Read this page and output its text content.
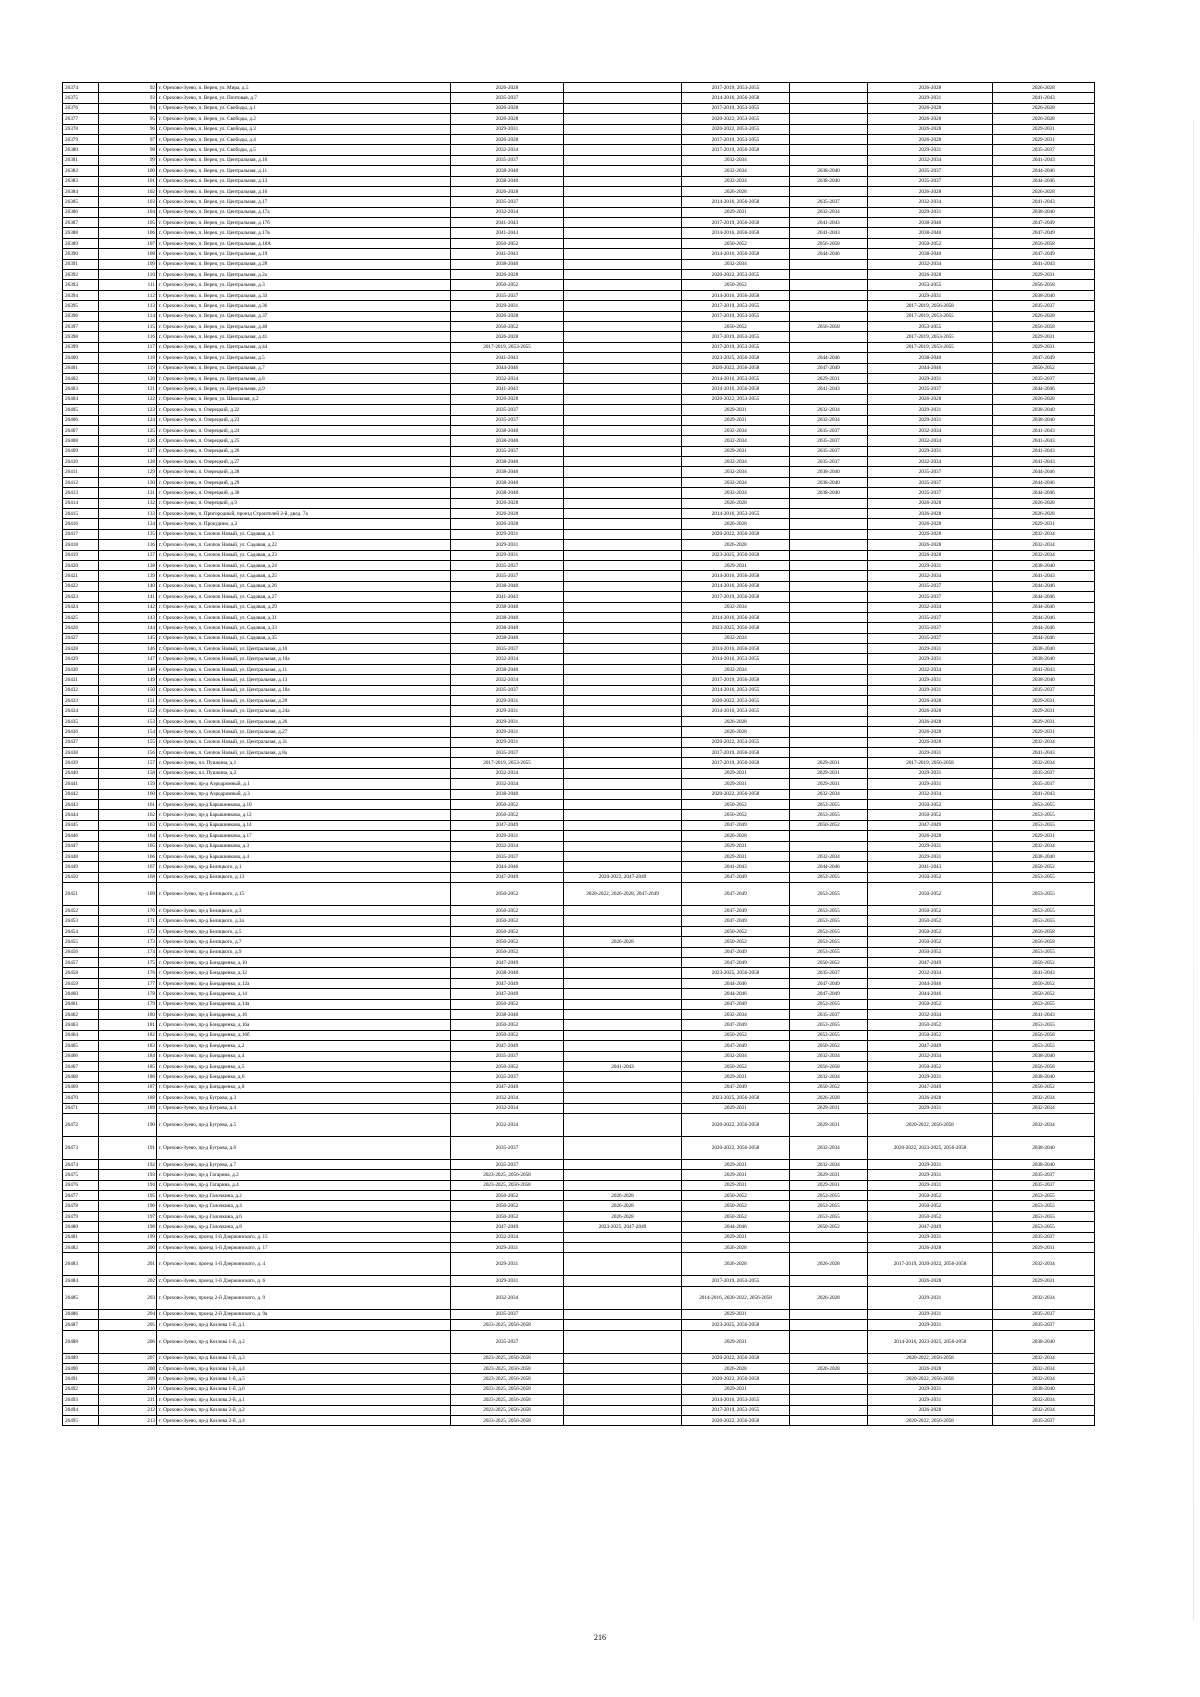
26374	92	г. Орехово-Зуево, п. Верея, ул. Мира, д.5	2026-2028		2017-2019, 2053-2055		2026-2028	2026-2028
26375	93	г. Орехово-Зуево, п. Верея, ул. Почтовая, д.7	2035-2037		2014-2016, 2056-2058		2029-2031	2041-2043
26376	94	г. Орехово-Зуево, п. Верея, ул. Свободы, д.1	2026-2028		2017-2019, 2053-2055		2026-2028	2026-2028
26377	95	г. Орехово-Зуево, п. Верея, ул. Свободы, д.2	2026-2028		2020-2022, 2053-2055		2026-2028	2026-2028
26378	96	г. Орехово-Зуево, п. Верея, ул. Свободы, д.3	2029-2031		2020-2022, 2053-2055		2026-2028	2029-2031
26379	97	г. Орехово-Зуево, п. Верея, ул. Свободы, д.4	2026-2028		2017-2019, 2053-2055		2026-2028	2029-2031
26380	98	г. Орехово-Зуево, п. Верея, ул. Свободы, д.5	2032-2034		2017-2019, 2056-2058		2029-2031	2035-2037
26381	99	г. Орехово-Зуево, п. Верея, ул. Центральная, д.10	2035-2037		2032-2034		2032-2034	2041-2043
26382	100	г. Орехово-Зуево, п. Верея, ул. Центральная, д.11	2038-2040		2032-2034	2038-2040	2035-2037	2044-2046
26383	101	г. Орехово-Зуево, п. Верея, ул. Центральная, д.13	2038-2040		2032-2034	2038-2040	2035-2037	2044-2046
26384	102	г. Орехово-Зуево, п. Верея, ул. Центральная, д.16	2026-2028		2026-2028		2026-2028	2026-2028
26385	103	г. Орехово-Зуево, п. Верея, ул. Центральная, д.17	2035-2037		2014-2016, 2056-2058	2035-2037	2032-2034	2041-2043
26386	104	г. Орехово-Зуево, п. Верея, ул. Центральная, д.17а	2032-2034		2029-2031	2032-2034	2029-2031	2038-2040
26387	105	г. Орехово-Зуево, п. Верея, ул. Центральная, д.17б	2041-2043		2017-2019, 2056-2058	2041-2043	2038-2040	2047-2049
26388	106	г. Орехово-Зуево, п. Верея, ул. Центральная, д.17в	2041-2043		2014-2016, 2056-2058	2041-2043	2038-2040	2047-2049
26389	107	г. Орехово-Зуево, п. Верея, ул. Центральная, д.18А	2050-2052		2050-2052	2056-2058	2050-2052	2056-2058
26390	108	г. Орехово-Зуево, п. Верея, ул. Центральная, д.19	2041-2043		2014-2016, 2056-2058	2044-2046	2038-2040	2047-2049
26391	109	г. Орехово-Зуево, п. Верея, ул. Центральная, д.28	2038-2040		2032-2034		2032-2034	2041-2043
26392	110	г. Орехово-Зуево, п. Верея, ул. Центральная, д.2а	2026-2028		2020-2022, 2053-2055		2026-2028	2029-2031
26393	111	г. Орехово-Зуево, п. Верея, ул. Центральная, д.3	2050-2052		2050-2052		2053-2055	2056-2058
26394	112	г. Орехово-Зуево, п. Верея, ул. Центральная, д.33	2035-2037		2014-2016, 2056-2058		2029-2031	2038-2040
26395	113	г. Орехово-Зуево, п. Верея, ул. Центральная, д.36	2029-2031		2017-2019, 2053-2055		2017-2019, 2056-2058	2035-2037
26396	114	г. Орехово-Зуево, п. Верея, ул. Центральная, д.37	2026-2028		2017-2019, 2053-2055		2017-2019, 2053-2055	2026-2028
26397	115	г. Орехово-Зуево, п. Верея, ул. Центральная, д.40	2050-2052		2050-2052	2056-2058	2053-2055	2056-2058
26398	116	г. Орехово-Зуево, п. Верея, ул. Центральная, д.41	2026-2028		2017-2019, 2053-2055		2017-2019, 2053-2055	2029-2031
26399	117	г. Орехово-Зуево, п. Верея, ул. Центральная, д.44	2017-2019, 2053-2055		2017-2019, 2053-2055		2017-2019, 2053-2055	2029-2031
26400	118	г. Орехово-Зуево, п. Верея, ул. Центральная, д.5	2041-2043		2023-2025, 2056-2058	2044-2046	2038-2040	2047-2049
26401	119	г. Орехово-Зуево, п. Верея, ул. Центральная, д.7	2044-2046		2020-2022, 2056-2058	2047-2049	2044-2046	2050-2052
26402	120	г. Орехово-Зуево, п. Верея, ул. Центральная, д.8	2032-2034		2014-2016, 2053-2055	2029-2031	2029-2031	2035-2037
26403	121	г. Орехово-Зуево, п. Верея, ул. Центральная, д.9	2041-2043		2014-2016, 2056-2058	2041-2043	2035-2037	2044-2046
26404	122	г. Орехово-Зуево, п. Верея, ул. Школьная, д.2	2026-2028		2020-2022, 2053-2055		2026-2028	2026-2028
26405	123	г. Орехово-Зуево, п. Озерецкий, д.22	2035-2037		2029-2031	2032-2034	2029-2031	2038-2040
26406	124	г. Орехово-Зуево, п. Озерецкий, д.23	2035-2037		2029-2031	2032-2034	2029-2031	2038-2040
26407	125	г. Орехово-Зуево, п. Озерецкий, д.24	2038-2040		2032-2034	2035-2037	2032-2034	2041-2043
26408	126	г. Орехово-Зуево, п. Озерецкий, д.25	2038-2040		2032-2034	2035-2037	2032-2034	2041-2043
26409	127	г. Орехово-Зуево, п. Озерецкий, д.26	2035-2037		2029-2031	2035-2037	2029-2031	2041-2043
26410	128	г. Орехово-Зуево, п. Озерецкий, д.27	2038-2040		2032-2034	2035-2037	2032-2034	2041-2043
26411	129	г. Орехово-Зуево, п. Озерецкий, д.28	2038-2040		2032-2034	2038-2040	2035-2037	2044-2046
26412	130	г. Орехово-Зуево, п. Озерецкий, д.29	2038-2040		2032-2034	2038-2040	2035-2037	2044-2046
26413	131	г. Орехово-Зуево, п. Озерецкий, д.30	2038-2040		2032-2034	2038-2040	2035-2037	2044-2046
26414	132	г. Орехово-Зуево, п. Озерецкий, д.9	2026-2028		2026-2028		2026-2028	2026-2028
26415	133	г. Орехово-Зуево, п. Пригородный, проезд Строителей 2-й, двлд. 7а	2026-2028		2014-2016, 2053-2055		2026-2028	2026-2028
26416	134	г. Орехово-Зуево, п. Прокудино, д.2	2026-2028		2026-2028		2026-2028	2029-2031
26417	135	г. Орехово-Зуево, п. Снопок Новый, ул. Садовая, д.1	2029-2031		2020-2022, 2056-2058		2026-2028	2032-2034
26418	136	г. Орехово-Зуево, п. Снопок Новый, ул. Садовая, д.22	2029-2031		2026-2028		2026-2028	2032-2034
26419	137	г. Орехово-Зуево, п. Снопок Новый, ул. Садовая, д.23	2029-2031		2023-2025, 2056-2058		2026-2028	2032-2034
26420	138	г. Орехово-Зуево, п. Снопок Новый, ул. Садовая, д.24	2035-2037		2029-2031		2029-2031	2038-2040
26421	139	г. Орехово-Зуево, п. Снопок Новый, ул. Садовая, д.25	2035-2037		2014-2016, 2056-2058		2032-2034	2041-2043
26422	140	г. Орехово-Зуево, п. Снопок Новый, ул. Садовая, д.26	2038-2040		2014-2016, 2056-2058		2035-2037	2044-2046
26423	141	г. Орехово-Зуево, п. Снопок Новый, ул. Садовая, д.27	2041-2043		2017-2019, 2056-2058		2035-2037	2044-2046
26424	142	г. Орехово-Зуево, п. Снопок Новый, ул. Садовая, д.29	2038-2040		2032-2034		2032-2034	2044-2046
26425	143	г. Орехово-Зуево, п. Снопок Новый, ул. Садовая, д.31	2038-2040		2014-2016, 2056-2058		2035-2037	2044-2046
26426	144	г. Орехово-Зуево, п. Снопок Новый, ул. Садовая, д.33	2038-2040		2023-2025, 2056-2058		2035-2037	2044-2046
26427	145	г. Орехово-Зуево, п. Снопок Новый, ул. Садовая, д.35	2038-2040		2032-2034		2035-2037	2044-2046
26428	146	г. Орехово-Зуево, п. Снопок Новый, ул. Центральная, д.10	2035-2037		2014-2016, 2056-2058		2029-2031	2038-2040
26429	147	г. Орехово-Зуево, п. Снопок Новый, ул. Центральная, д.10а	2032-2034		2014-2016, 2053-2055		2029-2031	2038-2040
26430	148	г. Орехово-Зуево, п. Снопок Новый, ул. Центральная, д.11	2038-2040		2032-2034		2032-2034	2041-2043
26431	149	г. Орехово-Зуево, п. Снопок Новый, ул. Центральная, д.13	2032-2034		2017-2019, 2056-2058		2029-2031	2038-2040
26432	150	г. Орехово-Зуево, п. Снопок Новый, ул. Центральная, д.18а	2035-2037		2014-2016, 2053-2055		2029-2031	2035-2037
26433	151	г. Орехово-Зуево, п. Снопок Новый, ул. Центральная, д.20	2029-2031		2020-2022, 2053-2055		2026-2028	2029-2031
26434	152	г. Орехово-Зуево, п. Снопок Новый, ул. Центральная, д.24а	2029-2031		2014-2016, 2053-2055		2026-2028	2029-2031
26435	153	г. Орехово-Зуево, п. Снопок Новый, ул. Центральная, д.26	2029-2031		2026-2028		2026-2028	2029-2031
26436	154	г. Орехово-Зуево, п. Снопок Новый, ул. Центральная, д.27	2029-2031		2026-2028		2026-2028	2029-2031
26437	155	г. Орехово-Зуево, п. Снопок Новый, ул. Центральная, д.31	2029-2031		2020-2022, 2053-2055		2026-2028	2032-2034
26438	156	г. Орехово-Зуево, п. Снопок Новый, ул. Центральная, д.8а	2035-2037		2017-2019, 2056-2058		2029-2031	2041-2043
26439	157	г. Орехово-Зуево, пл. Пушкина, д.1	2017-2019, 2053-2055		2017-2019, 2056-2058	2029-2031	2017-2019, 2056-2058	2032-2034
26440	158	г. Орехово-Зуево, пл. Пушкина, д.2	2032-2034		2029-2031	2029-2031	2029-2031	2035-2037
26441	159	г. Орехово-Зуево, пр-д Аэродромный, д.1	2032-2034		2029-2031	2029-2031	2029-2031	2035-2037
26442	160	г. Орехово-Зуево, пр-д Аэродромный, д.3	2038-2040		2020-2022, 2056-2058	2032-2034	2032-2034	2041-2043
26443	161	г. Орехово-Зуево, пр-д Барышникова, д.10	2050-2052		2050-2052	2053-2055	2050-2052	2053-2055
26444	162	г. Орехово-Зуево, пр-д Барышникова, д.12	2050-2052		2050-2052	2053-2055	2050-2052	2053-2055
26445	163	г. Орехово-Зуево, пр-д Барышникова, д.14	2047-2049		2047-2049	2050-2052	2047-2049	2053-2055
26446	164	г. Орехово-Зуево, пр-д Барышникова, д.17	2029-2031		2026-2028		2026-2028	2029-2031
26447	165	г. Орехово-Зуево, пр-д Барышникова, д.3	2032-2034		2029-2031		2029-2031	2032-2034
26448	166	г. Орехово-Зуево, пр-д Барышникова, д.4	2035-2037		2029-2031	2032-2034	2029-2031	2038-2040
26449	167	г. Орехово-Зуево, пр-д Белицкого, д.1	2044-2046		2041-2043	2044-2046	2041-2043	2050-2052
26450	168	г. Орехово-Зуево, пр-д Белицкого, д.13	2047-2049	2020-2022, 2047-2049	2047-2049	2053-2055	2050-2052	2053-2055
26451	169	г. Орехово-Зуево, пр-д Белицкого, д.15	2050-2052	2020-2022, 2026-2028, 2047-2049	2047-2049	2053-2055	2050-2052	2053-2055
26452	170	г. Орехово-Зуево, пр-д Белицкого, д.3	2050-2052		2047-2049	2053-2055	2050-2052	2053-2055
26453	171	г. Орехово-Зуево, пр-д Белицкого, д.3а	2050-2052		2047-2049	2053-2055	2050-2052	2053-2055
26454	172	г. Орехово-Зуево, пр-д Белицкого, д.5	2050-2052		2050-2052	2053-2055	2050-2052	2056-2058
26455	173	г. Орехово-Зуево, пр-д Белицкого, д.7	2050-2052	2026-2028	2050-2052	2053-2055	2050-2052	2056-2058
26456	174	г. Орехово-Зуево, пр-д Белицкого, д.9	2050-2052		2047-2049	2053-2055	2050-2052	2053-2055
26457	175	г. Орехово-Зуево, пр-д Бондаренко, д.10	2047-2049		2047-2049	2050-2052	2047-2049	2050-2052
26458	176	г. Орехово-Зуево, пр-д Бондаренко, д.12	2038-2040		2023-2025, 2056-2058	2035-2037	2032-2034	2041-2043
26459	177	г. Орехово-Зуево, пр-д Бондаренко, д.12а	2047-2049		2044-2046	2047-2049	2044-2046	2050-2052
26460	178	г. Орехово-Зуево, пр-д Бондаренко, д.14	2047-2049		2044-2046	2047-2049	2044-2046	2050-2052
26461	179	г. Орехово-Зуево, пр-д Бондаренко, д.14а	2050-2052		2047-2049	2053-2055	2050-2052	2053-2055
26462	180	г. Орехово-Зуево, пр-д Бондаренко, д.16	2038-2040		2032-2034	2035-2037	2032-2034	2041-2043
26463	181	г. Орехово-Зуево, пр-д Бондаренко, д.16а	2050-2052		2047-2049	2053-2055	2050-2052	2053-2055
26464	182	г. Орехово-Зуево, пр-д Бондаренко, д.16б	2050-2052		2050-2052	2053-2055	2050-2052	2056-2058
26465	183	г. Орехово-Зуево, пр-д Бондаренко, д.2	2047-2049		2047-2049	2050-2052	2047-2049	2053-2055
26466	184	г. Орехово-Зуево, пр-д Бондаренко, д.4	2035-2037		2032-2034	2032-2034	2032-2034	2038-2040
26467	185	г. Орехово-Зуево, пр-д Бондаренко, д.5	2050-2052	2041-2043	2050-2052	2056-2058	2050-2052	2056-2058
26468	186	г. Орехово-Зуево, пр-д Бондаренко, д.6	2035-2037		2029-2031	2032-2034	2029-2031	2038-2040
26469	187	г. Орехово-Зуево, пр-д Бондаренко, д.8	2047-2049		2047-2049	2050-2052	2047-2049	2050-2052
26470	188	г. Орехово-Зуево, пр-д Бугрова, д.3	2032-2034		2023-2025, 2056-2058	2026-2028	2026-2028	2032-2034
26471	189	г. Орехово-Зуево, пр-д Бугрова, д.4	2032-2034		2029-2031	2029-2031	2029-2031	2032-2034
26472	190	г. Орехово-Зуево, пр-д Бугрова, д.5	2032-2034		2020-2022, 2056-2058	2029-2031	2020-2022, 2056-2058	2032-2034
26473	191	г. Орехово-Зуево, пр-д Бугрова, д.6	2035-2037		2020-2022, 2056-2058	2032-2034	2020-2022, 2023-2025, 2056-2058	2038-2040
26474	192	г. Орехово-Зуево, пр-д Бугрова, д.7	2035-2037		2029-2031	2032-2034	2029-2031	2038-2040
26475	193	г. Орехово-Зуево, пр-д Гагарина, д.2	2023-2025, 2056-2058		2029-2031	2029-2031	2029-2031	2035-2037
26476	194	г. Орехово-Зуево, пр-д Гагарина, д.4	2023-2025, 2056-2058		2029-2031	2029-2031	2029-2031	2035-2037
26477	195	г. Орехово-Зуево, пр-д Галочкина, д.2	2050-2052	2026-2028	2050-2052	2053-2055	2050-2052	2053-2055
26478	196	г. Орехово-Зуево, пр-д Галочкина, д.4	2050-2052	2026-2028	2050-2052	2053-2055	2050-2052	2053-2055
26479	197	г. Орехово-Зуево, пр-д Галочкина, д.6	2050-2052	2026-2028	2050-2052	2053-2055	2050-2052	2053-2055
26480	198	г. Орехово-Зуево, пр-д Галочкина, д.8	2047-2049	2023-2025, 2047-2049	2044-2046	2050-2052	2047-2049	2053-2055
26481	199	г. Орехово-Зуево, проезд 1-й Дзержинского, д. 15	2032-2034		2029-2031		2029-2031	2035-2037
26482	200	г. Орехово-Зуево, проезд 1-й Дзержинского, д. 17	2029-2031		2026-2028		2026-2028	2029-2031
26483	201	г. Орехово-Зуево, проезд 1-й Дзержинского, д. 4	2029-2031		2026-2028	2026-2028	2017-2019, 2020-2022, 2056-2058	2032-2034
26484	202	г. Орехово-Зуево, проезд 1-й Дзержинского, д. 6	2029-2031		2017-2019, 2053-2055		2026-2028	2029-2031
26485	203	г. Орехово-Зуево, проезд 2-й Дзержинского, д. 9	2032-2034		2014-2016, 2020-2022, 2056-2058	2026-2028	2029-2031	2032-2034
26486	204	г. Орехово-Зуево, проезд 2-й Дзержинского, д. 9а	2035-2037		2029-2031		2029-2031	2035-2037
26487	205	г. Орехово-Зуево, пр-д Козлова 1-й, д.1	2023-2025, 2056-2058		2023-2025, 2056-2058		2029-2031	2035-2037
26488	206	г. Орехово-Зуево, пр-д Козлова 1-й, д.2	2035-2037		2029-2031		2014-2016, 2023-2025, 2056-2058	2038-2040
26489	207	г. Орехово-Зуево, пр-д Козлова 1-й, д.3	2023-2025, 2056-2058		2020-2022, 2056-2058		2020-2022, 2056-2058	2032-2034
26490	208	г. Орехово-Зуево, пр-д Козлова 1-й, д.4	2023-2025, 2056-2058		2026-2028	2026-2028	2026-2028	2032-2034
26491	209	г. Орехово-Зуево, пр-д Козлова 1-й, д.5	2023-2025, 2056-2058		2020-2022, 2056-2058		2020-2022, 2056-2058	2032-2034
26492	210	г. Орехово-Зуево, пр-д Козлова 1-й, д.6	2023-2025, 2056-2058		2029-2031		2029-2031	2038-2040
26493	211	г. Орехово-Зуево, пр-д Козлова 2-й, д.1	2023-2025, 2056-2058		2014-2016, 2053-2055		2029-2031	2032-2034
26494	212	г. Орехово-Зуево, пр-д Козлова 2-й, д.2	2023-2025, 2056-2058		2017-2019, 2053-2055		2026-2028	2032-2034
26495	213	г. Орехово-Зуево, пр-д Козлова 2-й, д.4	2023-2025, 2056-2058		2020-2022, 2056-2058		2020-2022, 2056-2058	2035-2037
216
